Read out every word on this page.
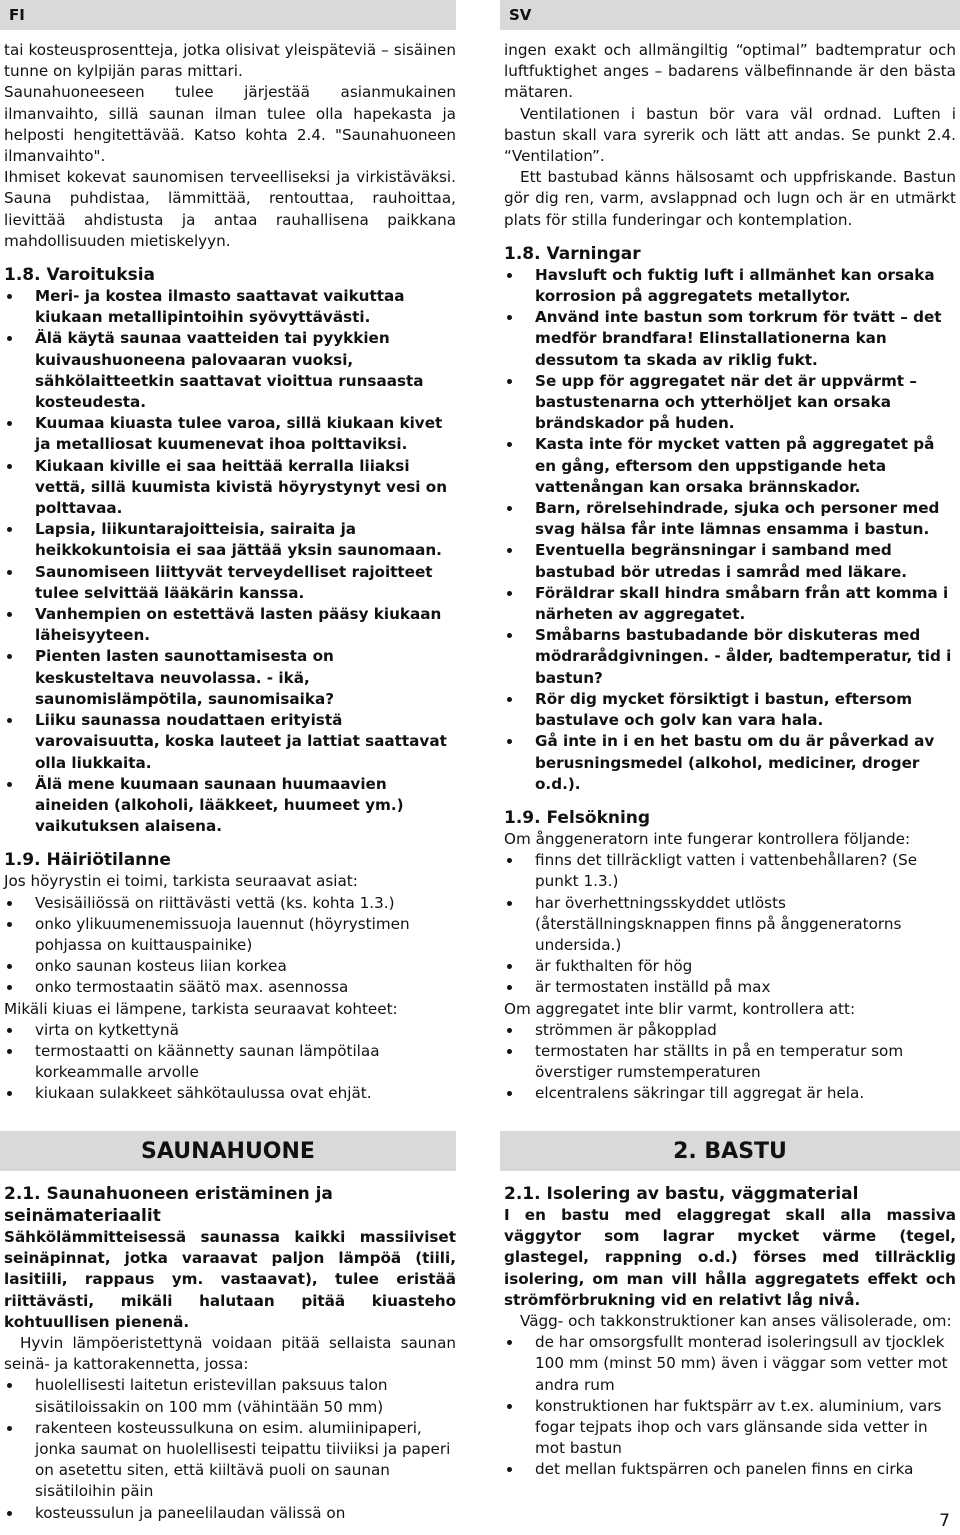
FI	SV

tai kosteusprosentteja, jotka olisivat yleispäteviä – sisäinen tunne on kylpijän paras mittari.

Saunahuoneeseen tulee järjestää asianmukainen ilmanvaihto, sillä saunan ilman tulee olla hapekasta ja helposti hengitettävää. Katso kohta 2.4. "Saunahuoneen ilmanvaihto".

Ihmiset kokevat saunomisen terveelliseksi ja virkistäväksi. Sauna puhdistaa, lämmittää, rentouttaa, rauhoittaa, lievittää ahdistusta ja antaa rauhallisena paikkana mahdollisuuden mietiskelyyn.

1.8. Varoituksia

Meri- ja kostea ilmasto saattavat vaikuttaa kiukaan metallipintoihin syövyttävästi.
Älä käytä saunaa vaatteiden tai pyykkien kuivaushuoneena palovaaran vuoksi, sähkölaitteetkin saattavat vioittua runsaasta kosteudesta.
Kuumaa kiuasta tulee varoa, sillä kiukaan kivet ja metalliosat kuumenevat ihoa polttaviksi.
Kiukaan kiville ei saa heittää kerralla liiaksi vettä, sillä kuumista kivistä höyrystynyt vesi on polttavaa.
Lapsia, liikuntarajoitteisia, sairaita ja heikkokuntoisia ei saa jättää yksin saunomaan.
Saunomiseen liittyvät terveydelliset rajoitteet tulee selvittää lääkärin kanssa.
Vanhempien on estettävä lasten pääsy kiukaan läheisyyteen.
Pienten lasten saunottamisesta on keskusteltava neuvolassa. - ikä, saunomislämpötila, saunomisaika?
Liiku saunassa noudattaen erityistä varovaisuutta, koska lauteet ja lattiat saattavat olla liukkaita.
Älä mene kuumaan saunaan huumaavien aineiden (alkoholi, lääkkeet, huumeet ym.) vaikutuksen alaisena.

1.9. Häiriötilanne

Jos höyrystin ei toimi, tarkista seuraavat asiat:

Vesisäiliössä on riittävästi vettä (ks. kohta 1.3.)
onko ylikuumenemissuoja lauennut (höyrystimen pohjassa on kuittauspainike)
onko saunan kosteus liian korkea
onko termostaatin säätö max. asennossa

Mikäli kiuas ei lämpene, tarkista seuraavat kohteet:

virta on kytkettynä
termostaatti on käännetty saunan lämpötilaa korkeammalle arvolle
kiukaan sulakkeet sähkötaulussa ovat ehjät.

ingen exakt och allmängiltig “optimal” badtempratur och luftfuktighet anges – badarens välbefinnande är den bästa mätaren.

Ventilationen i bastun bör vara väl ordnad. Luften i bastun skall vara syrerik och lätt att andas. Se punkt 2.4. “Ventilation”.

Ett bastubad känns hälsosamt och uppfriskande. Bastun gör dig ren, varm, avslappnad och lugn och är en utmärkt plats för stilla funderingar och kontemplation.

1.8. Varningar

Havsluft och fuktig luft i allmänhet kan orsaka korrosion på aggregatets metallytor.
Använd inte bastun som torkrum för tvätt – det medför brandfara! Elinstallationerna kan dessutom ta skada av riklig fukt.
Se upp för aggregatet när det är uppvärmt – bastustenarna och ytterhöljet kan orsaka brändskador på huden.
Kasta inte för mycket vatten på aggregatet på en gång, eftersom den uppstigande heta vattenångan kan orsaka brännskador.
Barn, rörelsehindrade, sjuka och personer med svag hälsa får inte lämnas ensamma i bastun.
Eventuella begränsningar i samband med bastubad bör utredas i samråd med läkare.
Föräldrar skall hindra småbarn från att komma i närheten av aggregatet.
Småbarns bastubadande bör diskuteras med mödrarådgivningen. - ålder, badtemperatur, tid i bastun?
Rör dig mycket försiktigt i bastun, eftersom bastulave och golv kan vara hala.
Gå inte in i en het bastu om du är påverkad av berusningsmedel (alkohol, mediciner, droger o.d.).

1.9. Felsökning

Om ånggeneratorn inte fungerar kontrollera följande:

finns det tillräckligt vatten i vattenbehållaren? (Se punkt 1.3.)
har överhettningsskyddet utlösts (återställningsknappen finns på ånggeneratorns undersida.)
är fukthalten för hög
är termostaten inställd på max

Om aggregatet inte blir varmt, kontrollera att:

strömmen är påkopplad
termostaten har ställts in på en temperatur som överstiger rumstemperaturen
elcentralens säkringar till aggregat är hela.
SAUNAHUONE	2. BASTU

2.1. Saunahuoneen eristäminen ja seinämateriaalit

Sähkölämmitteisessä saunassa kaikki massiiviset seinäpinnat, jotka varaavat paljon lämpöä (tiili, lasitiili, rappaus ym. vastaavat), tulee eristää riittävästi, mikäli halutaan pitää kiuasteho kohtuullisen pienenä.

Hyvin lämpöeristettynä voidaan pitää sellaista saunan seinä- ja kattorakennetta, jossa:

huolellisesti laitetun eristevillan paksuus talon sisätiloissakin on 100 mm (vähintään 50 mm)
rakenteen kosteussulkuna on esim. alumiinipaperi, jonka saumat on huolellisesti teipattu tiiviiksi ja paperi on asetettu siten, että kiiltävä puoli on saunan sisätiloihin päin
kosteussulun ja paneelilaudan välissä on

2.1. Isolering av bastu, väggmaterial

I en bastu med elaggregat skall alla massiva väggytor som lagrar mycket värme (tegel, glastegel, rappning o.d.) förses med tillräcklig isolering, om man vill hålla aggregatets effekt och strömförbrukning vid en relativt låg nivå.

Vägg- och takkonstruktioner kan anses välisolerade, om:

de har omsorgsfullt monterad isoleringsull av tjocklek 100 mm (minst 50 mm) även i väggar som vetter mot andra rum
konstruktionen har fuktspärr av t.ex. aluminium, vars fogar tejpats ihop och vars glänsande sida vetter in mot bastun
det mellan fuktspärren och panelen finns en cirka
7
